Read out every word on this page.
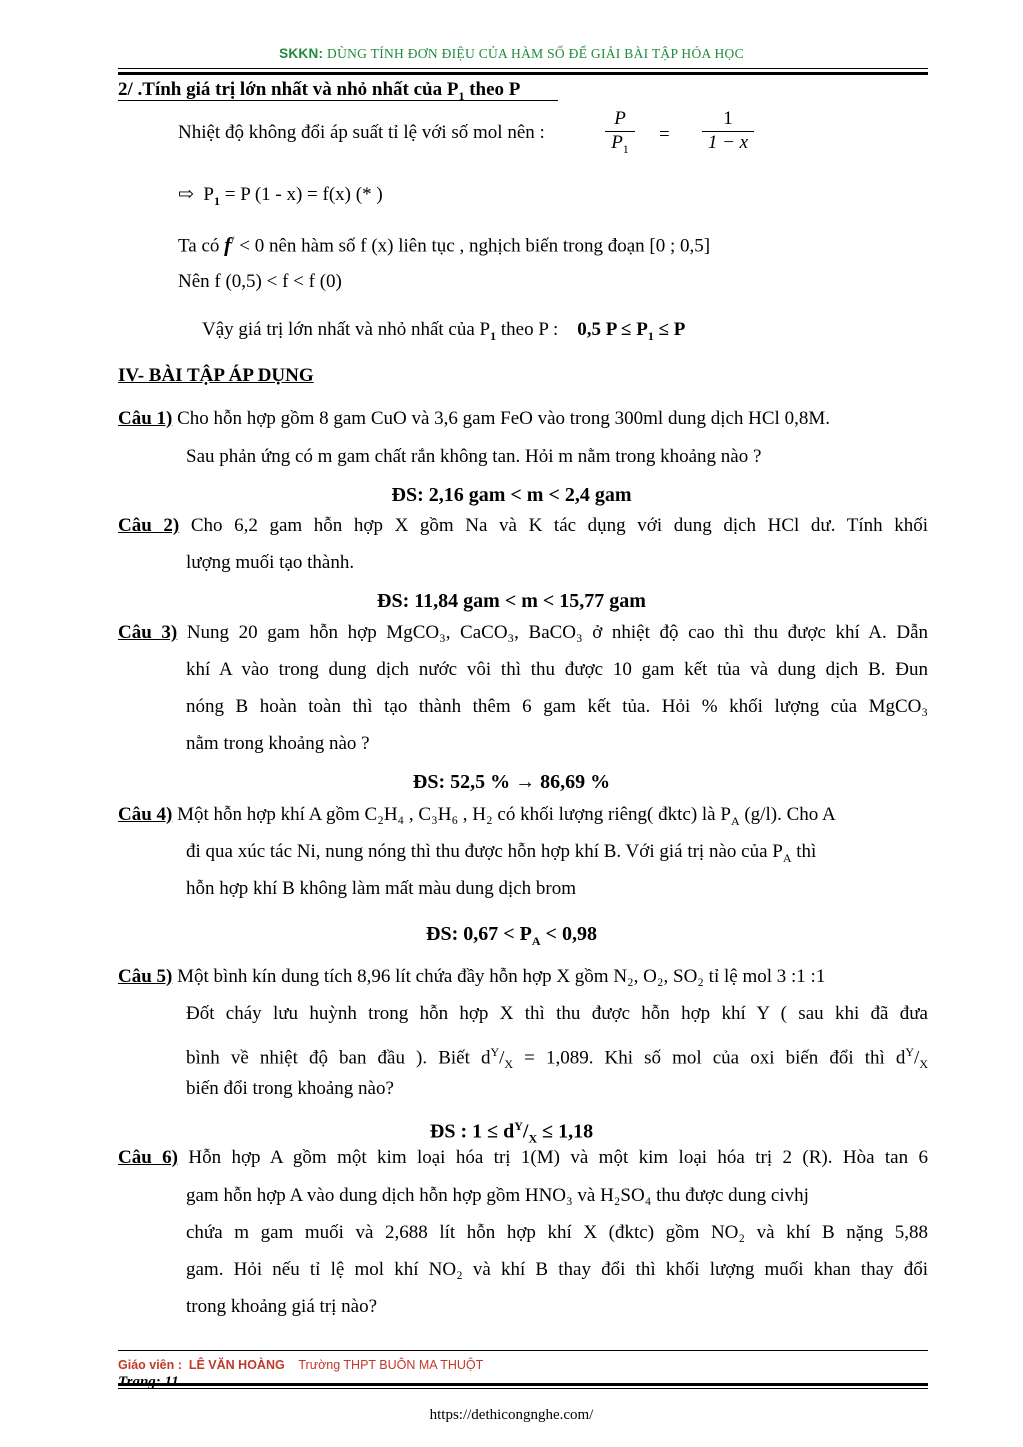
SKKN: DÙNG TÍNH ĐƠN ĐIỆU CỦA HÀM SỐ ĐỂ GIẢI BÀI TẬP HÓA HỌC
2/ .Tính giá trị lớn nhất và nhỏ nhất của $P_1$ theo P
Nhiệt độ không đổi áp suất tỉ lệ với số mol nên :	$\frac{P}{P_1} = \frac{1}{1 - x}$
⇨ $P_1 = P$ (1 - x) = f(x) (* )
Ta có f/ < 0 nên hàm số f (x) liên tục , nghịch biến trong đoạn [0 ; 0,5]
Nên f (0,5) < f < f (0)
Vậy giá trị lớn nhất và nhỏ nhất của $P_1$ theo P : 0,5 $P \le P_1 \le P$
IV- BÀI TẬP ÁP DỤNG
Câu 1) Cho hỗn hợp gồm 8 gam CuO và 3,6 gam FeO vào trong 300ml dung dịch HCl 0,8M.
Sau phản ứng có m gam chất rắn không tan. Hỏi m nằm trong khoảng nào ?
ĐS: 2,16 gam < m < 2,4 gam
Câu 2) Cho 6,2 gam hỗn hợp X gồm Na và K tác dụng với dung dịch HCl dư. Tính khối
lượng muối tạo thành.
ĐS: 11,84 gam < m < 15,77 gam
Câu 3) Nung 20 gam hỗn hợp MgCO₃, CaCO₃, BaCO₃ ở nhiệt độ cao thì thu được khí A. Dẫn
khí A vào trong dung dịch nước vôi thì thu được 10 gam kết tủa và dung dịch B. Đun
nóng B hoàn toàn thì tạo thành thêm 6 gam kết tủa. Hỏi % khối lượng của MgCO₃
nằm trong khoảng nào ?
ĐS: 52,5 % → 86,69 %
Câu 4) Một hỗn hợp khí A gồm C₂H₄ , C₃H₆ , H₂ có khối lượng riêng( đktc) là $P_A$ (g/l). Cho A
đi qua xúc tác Ni, nung nóng thì thu được hỗn hợp khí B. Với giá trị nào của $P_A$ thì
hỗn hợp khí B không làm mất màu dung dịch brom
ĐS: $0,67 < P_A < 0,98$
Câu 5) Một bình kín dung tích 8,96 lít chứa đầy hỗn hợp X gồm N₂, O₂, SO₂ tỉ lệ mol 3 :1 :1
Đốt cháy lưu huỳnh trong hỗn hợp X thì thu được hỗn hợp khí Y ( sau khi đã đưa
bình về nhiệt độ ban đầu ). Biết $d^Y/_X = 1,089$. Khi số mol của oxi biến đổi thì $d^Y/_X$
biến đổi trong khoảng nào?
ĐS : $1 \le d^Y/_X \le 1,18$
Câu 6) Hỗn hợp A gồm một kim loại hóa trị 1(M) và một kim loại hóa trị 2 (R). Hòa tan 6
gam hỗn hợp A vào dung dịch hỗn hợp gồm HNO₃ và H₂SO₄ thu được dung civhj
chứa m gam muối và 2,688 lít hỗn hợp khí X (đktc) gồm NO₂ và khí B nặng 5,88
gam. Hỏi nếu tỉ lệ mol khí NO₂ và khí B thay đổi thì khối lượng muối khan thay đổi
trong khoảng giá trị nào?
Giáo viên : LÊ VĂN HOÀNG Trường THPT BUÔN MA THUỘT
Trang: 11
https://dethicongnghe.com/
